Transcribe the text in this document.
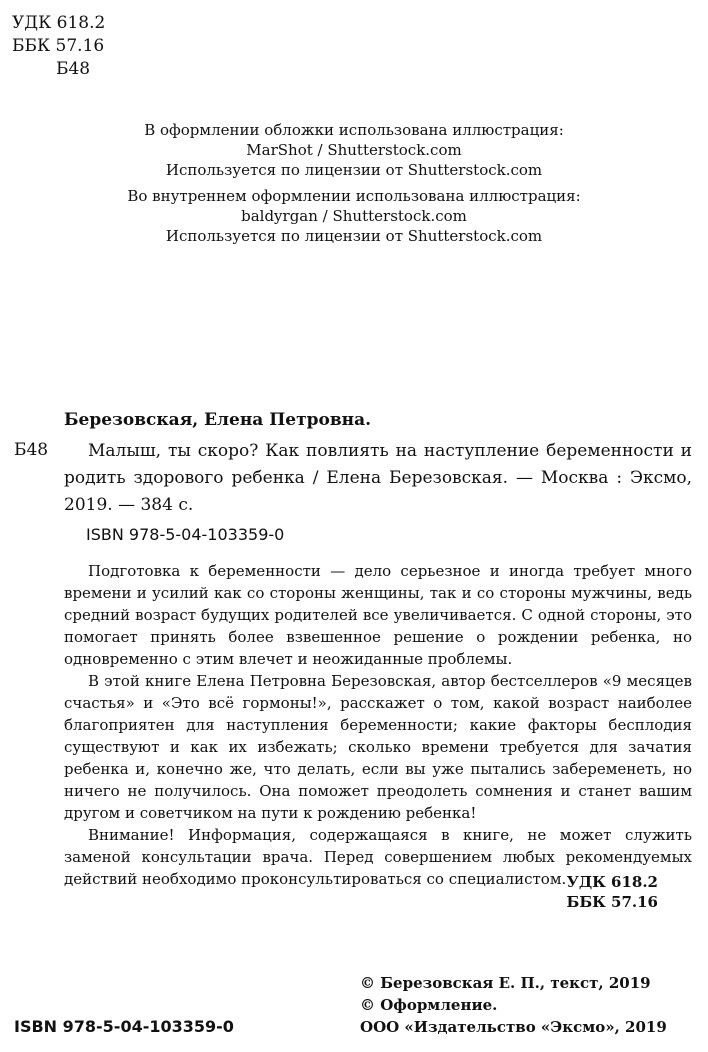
УДК 618.2
ББК 57.16
Б48
В оформлении обложки использована иллюстрация:
MarShot / Shutterstock.com
Используется по лицензии от Shutterstock.com
Во внутреннем оформлении использована иллюстрация:
baldyrgan / Shutterstock.com
Используется по лицензии от Shutterstock.com
Березовская, Елена Петровна.
Б48	Малыш, ты скоро? Как повлиять на наступление беременности и родить здорового ребенка / Елена Березовская. — Москва : Эксмо, 2019. — 384 с.
ISBN 978-5-04-103359-0

Подготовка к беременности — дело серьезное и иногда требует много времени и усилий как со стороны женщины, так и со стороны мужчины, ведь средний возраст будущих родителей все увеличивается. С одной стороны, это помогает принять более взвешенное решение о рождении ребенка, но одновременно с этим влечет и неожиданные проблемы.

В этой книге Елена Петровна Березовская, автор бестселлеров «9 месяцев счастья» и «Это всё гормоны!», расскажет о том, какой возраст наиболее благоприятен для наступления беременности; какие факторы бесплодия существуют и как их избежать; сколько времени требуется для зачатия ребенка и, конечно же, что делать, если вы уже пытались забеременеть, но ничего не получилось. Она поможет преодолеть сомнения и станет вашим другом и советчиком на пути к рождению ребенка!

Внимание! Информация, содержащаяся в книге, не может служить заменой консультации врача. Перед совершением любых рекомендуемых действий необходимо проконсультироваться со специалистом. УДК 618.2
ББК 57.16
© Березовская Е. П., текст, 2019
© Оформление.
ООО «Издательство «Эксмо», 2019
ISBN 978-5-04-103359-0
